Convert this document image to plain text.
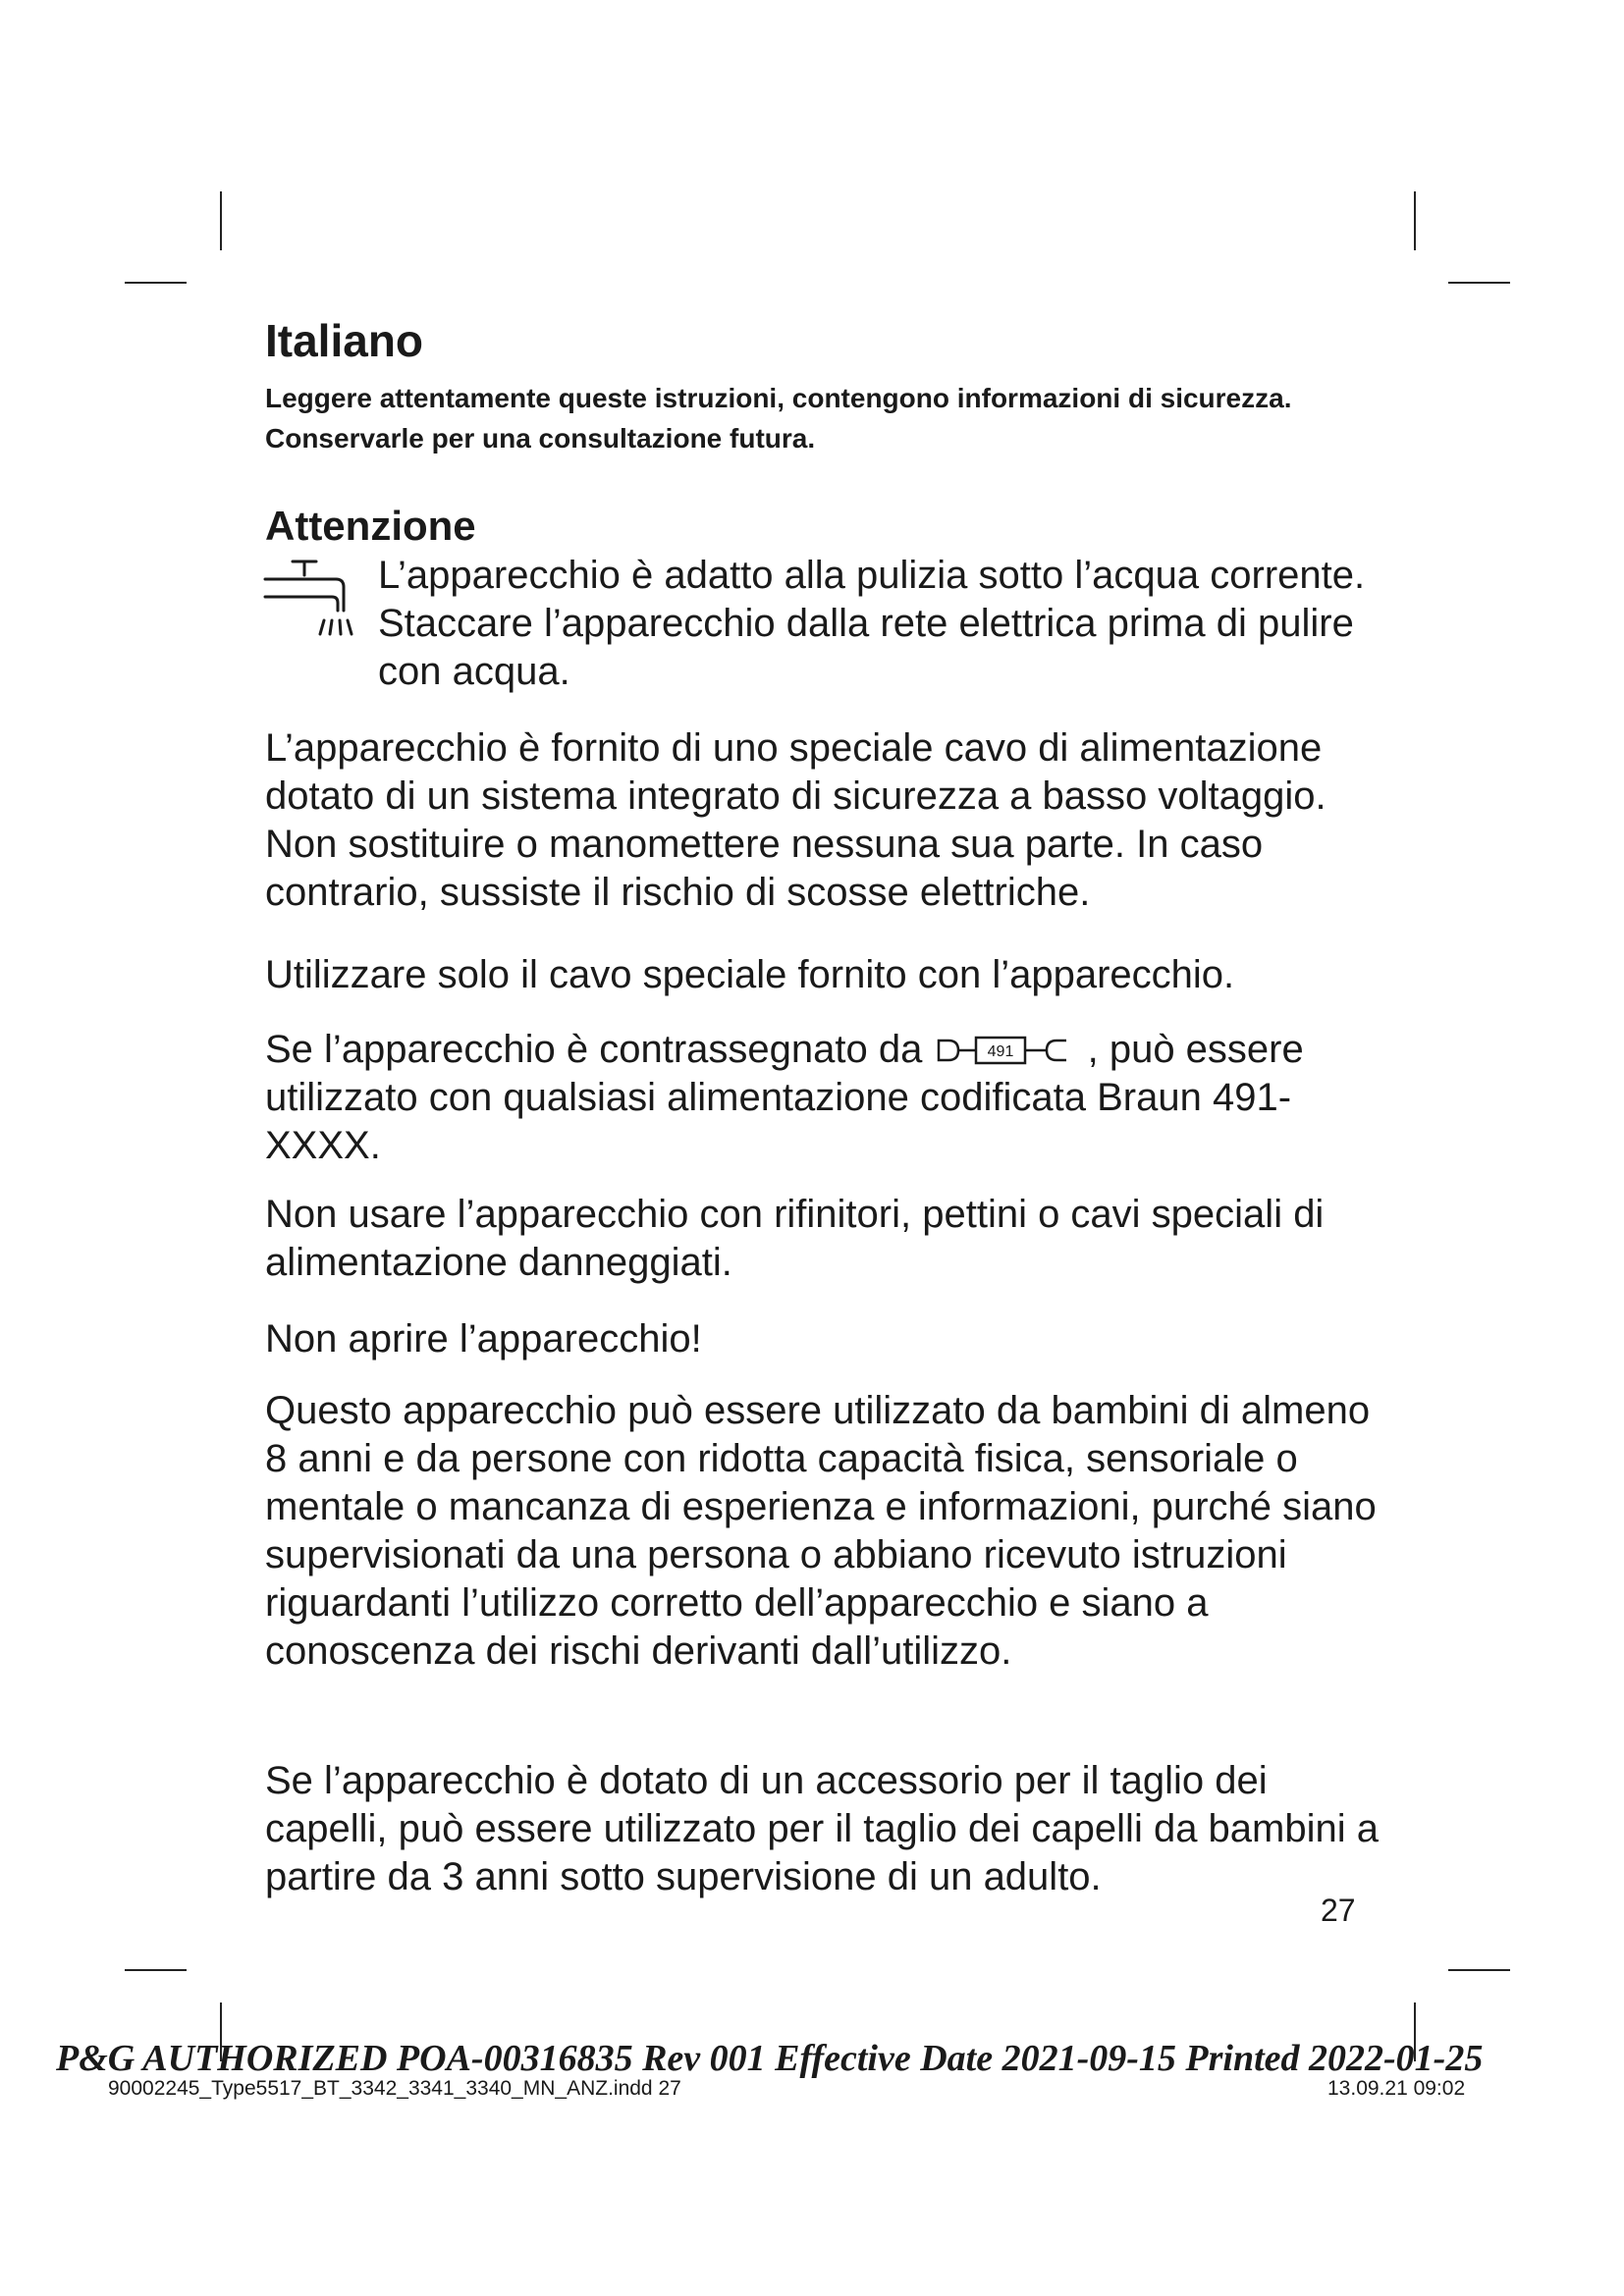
Italiano

Leggere attentamente queste istruzioni, contengono informazioni di sicurezza. Conservarle per una consultazione futura.

Attenzione

L’apparecchio è adatto alla pulizia sotto l’acqua corrente. Staccare l’apparecchio dalla rete elettrica prima di pulire con acqua.

L’apparecchio è fornito di uno speciale cavo di alimentazione dotato di un sistema integrato di sicurezza a basso voltaggio. Non sostituire o manomettere nessuna sua parte. In caso contrario, sussiste il rischio di scosse elettriche.

Utilizzare solo il cavo speciale fornito con l’apparecchio.

Se l’apparecchio è contrassegnato da	491 , può essere utilizzato con qualsiasi alimentazione codificata Braun 491-XXXX.

Non usare l’apparecchio con rifinitori, pettini o cavi speciali di alimentazione danneggiati.

Non aprire l’apparecchio!

Questo apparecchio può essere utilizzato da bambini di almeno 8 anni e da persone con ridotta capacità fisica, sensoriale o mentale o mancanza di esperienza e informazioni, purché siano supervisionati da una persona o abbiano ricevuto istruzioni riguardanti l’utilizzo corretto dell’apparecchio e siano a conoscenza dei rischi derivanti dall’utilizzo.

Se l’apparecchio è dotato di un accessorio per il taglio dei capelli, può essere utilizzato per il taglio dei capelli da bambini a partire da 3 anni sotto supervisione di un adulto.

27

P&G AUTHORIZED POA-00316835 Rev 001 Effective Date 2021-09-15 Printed 2022-01-25

90002245_Type5517_BT_3342_3341_3340_MN_ANZ.indd 27	13.09.21 09:02
